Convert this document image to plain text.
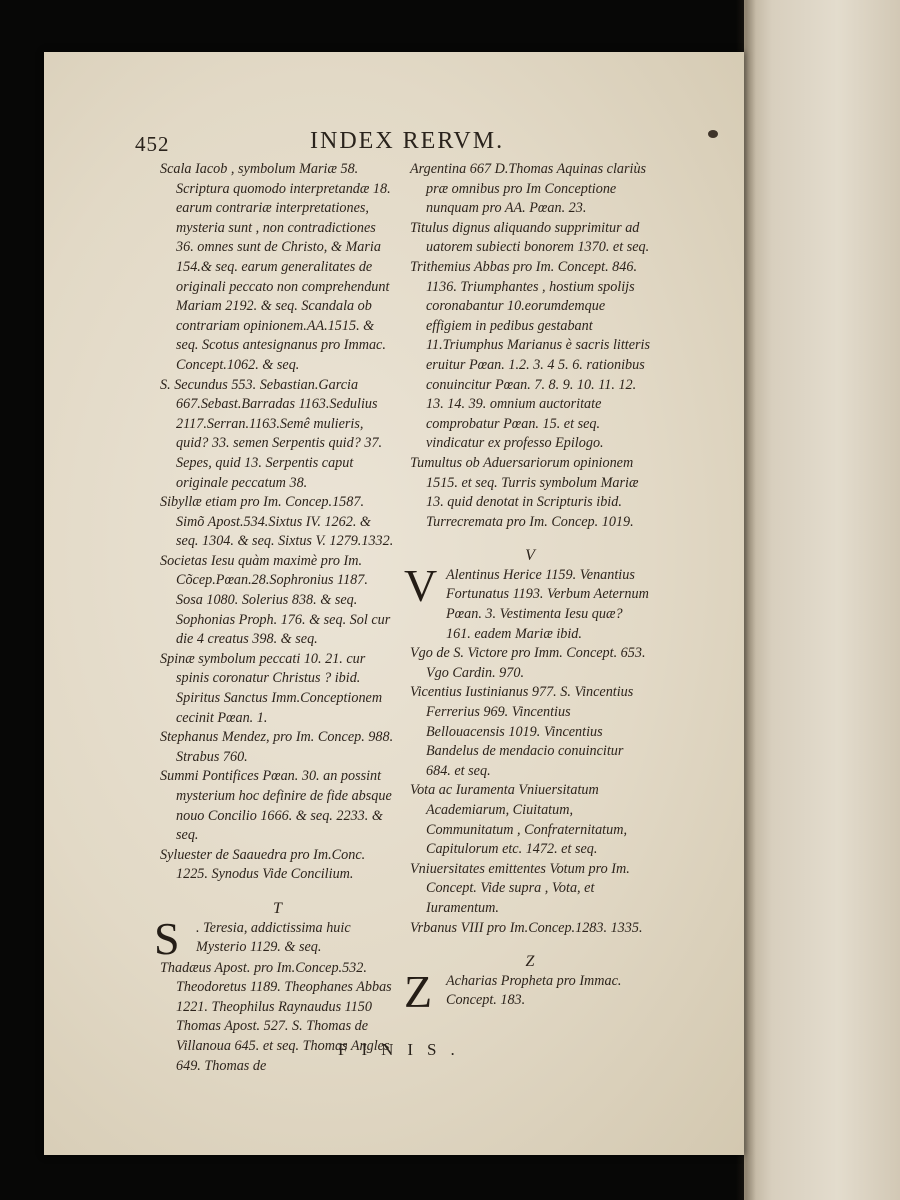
452	INDEX RERVM.

Scala Iacob , symbolum Mariæ 58. Scriptura quomodo interpretandæ 18. earum contrariæ interpretationes, mysteria sunt , non contradictiones 36. omnes sunt de Christo, & Maria 154.& seq. earum generalitates de originali peccato non comprehendunt Mariam 2192. & seq. Scandala ob contrariam opinionem.AA.1515. & seq. Scotus antesignanus pro Immac. Concept.1062. & seq.

S. Secundus 553. Sebastian.Garcia 667.Sebast.Barradas 1163.Sedulius 2117.Serran.1163.Semê mulieris, quid? 33. semen Serpentis quid? 37. Sepes, quid 13. Serpentis caput originale peccatum 38.

Sibyllæ etiam pro Im. Concep.1587. Simõ Apost.534.Sixtus IV. 1262. & seq. 1304. & seq. Sixtus V. 1279.1332.

Societas Iesu quàm maximè pro Im. Cõcep.Pœan.28.Sophronius 1187. Sosa 1080. Solerius 838. & seq. Sophonias Proph. 176. & seq. Sol cur die 4 creatus 398. & seq.

Spinæ symbolum peccati 10. 21. cur spinis coronatur Christus ? ibid. Spiritus Sanctus Imm.Conceptionem cecinit Pœan. 1.

Stephanus Mendez, pro Im. Concep. 988. Strabus 760.

Summi Pontifices Pœan. 30. an possint mysterium hoc definire de fide absque nouo Concilio 1666. & seq. 2233. & seq.

Syluester de Saauedra pro Im.Conc. 1225. Synodus Vide Concilium.

T

S . Teresia, addictissima huic Mysterio 1129. & seq.

Thadæus Apost. pro Im.Concep.532. Theodoretus 1189. Theophanes Abbas 1221. Theophilus Raynaudus 1150 Thomas Apost. 527. S. Thomas de Villanoua 645. et seq. Thomas Angles 649. Thomas de

Argentina 667 D.Thomas Aquinas clariùs præ omnibus pro Im Conceptione nunquam pro AA. Pœan. 23.

Titulus dignus aliquando supprimitur ad uatorem subiecti bonorem 1370. et seq.

Trithemius Abbas pro Im. Concept. 846. 1136. Triumphantes , hostium spolijs coronabantur 10.eorumdemque effigiem in pedibus gestabant 11.Triumphus Marianus è sacris litteris eruitur Pœan. 1.2. 3. 4 5. 6. rationibus conuincitur Pœan. 7. 8. 9. 10. 11. 12. 13. 14. 39. omnium auctoritate comprobatur Pœan. 15. et seq. vindicatur ex professo Epilogo.

Tumultus ob Aduersariorum opinionem 1515. et seq. Turris symbolum Mariæ 13. quid denotat in Scripturis ibid. Turrecremata pro Im. Concep. 1019.

V

V Alentinus Herice 1159. Venantius Fortunatus 1193. Verbum Aeternum Pœan. 3. Vestimenta Iesu quæ? 161. eadem Mariæ ibid.

Vgo de S. Victore pro Imm. Concept. 653. Vgo Cardin. 970.

Vicentius Iustinianus 977. S. Vincentius Ferrerius 969. Vincentius Bellouacensis 1019. Vincentius Bandelus de mendacio conuincitur 684. et seq.

Vota ac Iuramenta Vniuersitatum Academiarum, Ciuitatum, Communitatum , Confraternitatum, Capitulorum etc. 1472. et seq.

Vniuersitates emittentes Votum pro Im. Concept. Vide supra , Vota, et Iuramentum.

Vrbanus VIII pro Im.Concep.1283. 1335.

Z

Z Acharias Propheta pro Immac. Concept. 183.

FINIS.
